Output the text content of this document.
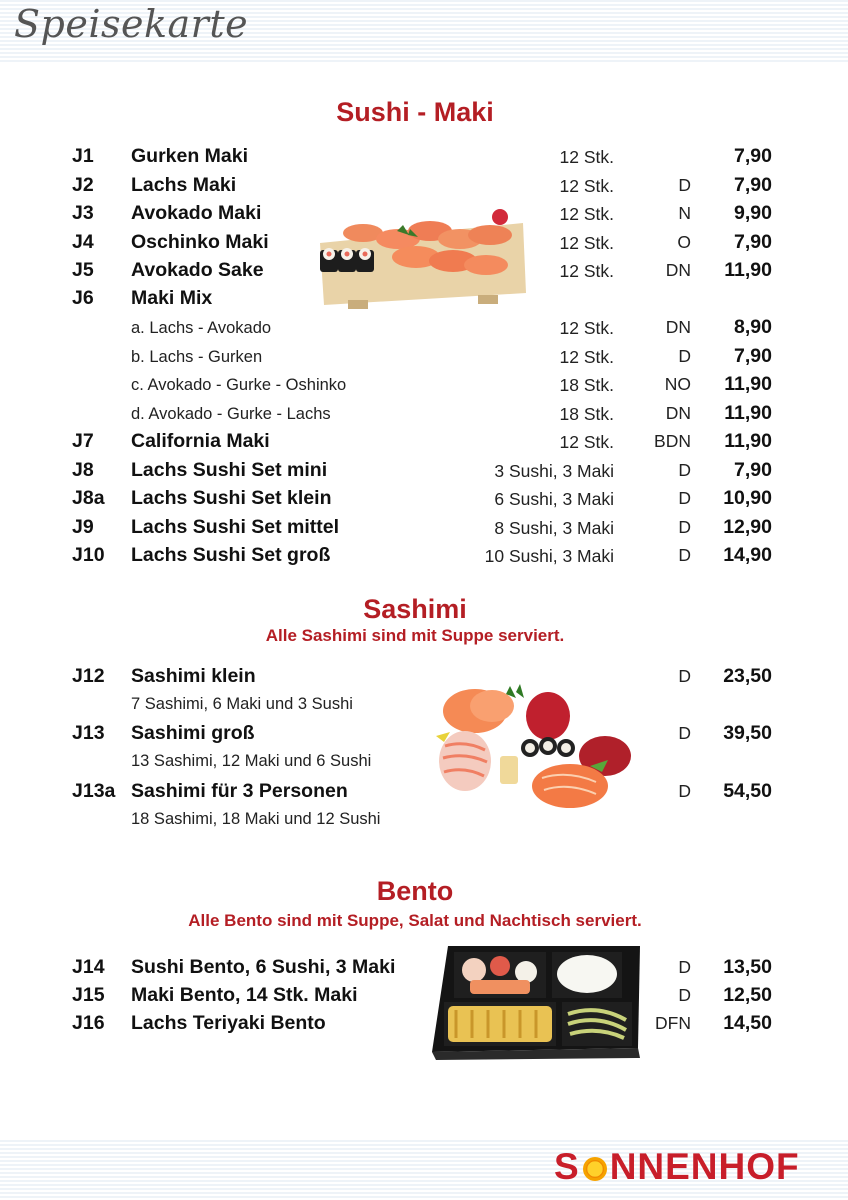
Speisekarte
Sushi - Maki
J1 Gurken Maki	12 Stk.	7,90
J2 Lachs Maki	12 Stk.	D 7,90
J3 Avokado Maki	12 Stk.	N 9,90
J4 Oschinko Maki	12 Stk.	O 7,90
J5 Avokado Sake	12 Stk.	DN 11,90
J6 Maki Mix
a. Lachs - Avokado	12 Stk.	DN 8,90
b. Lachs - Gurken	12 Stk.	D 7,90
c. Avokado - Gurke - Oshinko	18 Stk.	NO 11,90
d. Avokado - Gurke - Lachs	18 Stk.	DN 11,90
J7 California Maki	12 Stk. BDN 11,90
J8 Lachs Sushi Set mini	3 Sushi, 3 Maki	D 7,90
J8a Lachs Sushi Set klein	6 Sushi, 3 Maki	D 10,90
J9 Lachs Sushi Set mittel	8 Sushi, 3 Maki	D 12,90
J10 Lachs Sushi Set groß	10 Sushi, 3 Maki	D 14,90
Sashimi
Alle Sashimi sind mit Suppe serviert.
J12 Sashimi klein	D 23,50
7 Sashimi, 6 Maki und 3 Sushi
J13 Sashimi groß	D 39,50
13 Sashimi, 12 Maki und 6 Sushi
J13a Sashimi für 3 Personen	D 54,50
18 Sashimi, 18 Maki und 12 Sushi
Bento
Alle Bento sind mit Suppe, Salat und Nachtisch serviert.
J14 Sushi Bento, 6 Sushi, 3 Maki	D 13,50
J15 Maki Bento, 14 Stk. Maki	D 12,50
J16 Lachs Teriyaki Bento	DFN 14,50
S NNENHOF
